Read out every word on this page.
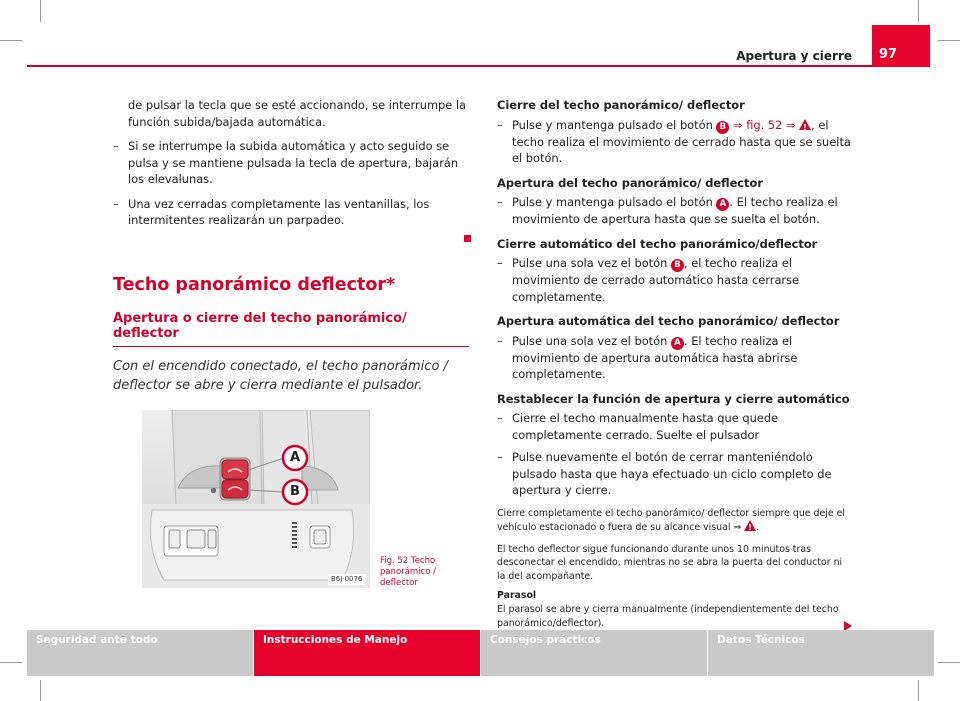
Apertura y cierre	97
de pulsar la tecla que se esté accionando, se interrumpe la función subida/bajada automática.
– Si se interrumpe la subida automática y acto seguido se pulsa y se mantiene pulsada la tecla de apertura, bajarán los elevalunas.
– Una vez cerradas completamente las ventanillas, los intermitentes realizarán un parpadeo.
Techo panorámico deflector*
Apertura o cierre del techo panorámico/ deflector
Con el encendido conectado, el techo panorámico / deflector se abre y cierra mediante el pulsador.
A
B
B6J-0076
Fig. 52 Techo panorámico / deflector
Cierre del techo panorámico/ deflector
– Pulse y mantenga pulsado el botón B ⇒ fig. 52 ⇒ !, el techo realiza el movimiento de cerrado hasta que se suelta el botón.
Apertura del techo panorámico/ deflector
– Pulse y mantenga pulsado el botón A . El techo realiza el movimiento de apertura hasta que se suelta el botón.
Cierre automático del techo panorámico/deflector
– Pulse una sola vez el botón B , el techo realiza el movimiento de cerrado automático hasta cerrarse completamente.
Apertura automática del techo panorámico/ deflector
– Pulse una sola vez el botón A . El techo realiza el movimiento de apertura automática hasta abrirse completamente.
Restablecer la función de apertura y cierre automático
– Cierre el techo manualmente hasta que quede completamente cerrado. Suelte el pulsador
– Pulse nuevamente el botón de cerrar manteniéndolo pulsado hasta que haya efectuado un ciclo completo de apertura y cierre.
Cierre completamente el techo panorámico/ deflector siempre que deje el vehículo estacionado o fuera de su alcance visual ⇒ !.
El techo deflector sigue funcionando durante unos 10 minutos tras desconectar el encendido, mientras no se abra la puerta del conductor ni la del acompañante.
Parasol
El parasol se abre y cierra manualmente (independientemente del techo panorámico/deflector).
Seguridad ante todo	Instrucciones de Manejo	Consejos prácticos	Datos Técnicos
